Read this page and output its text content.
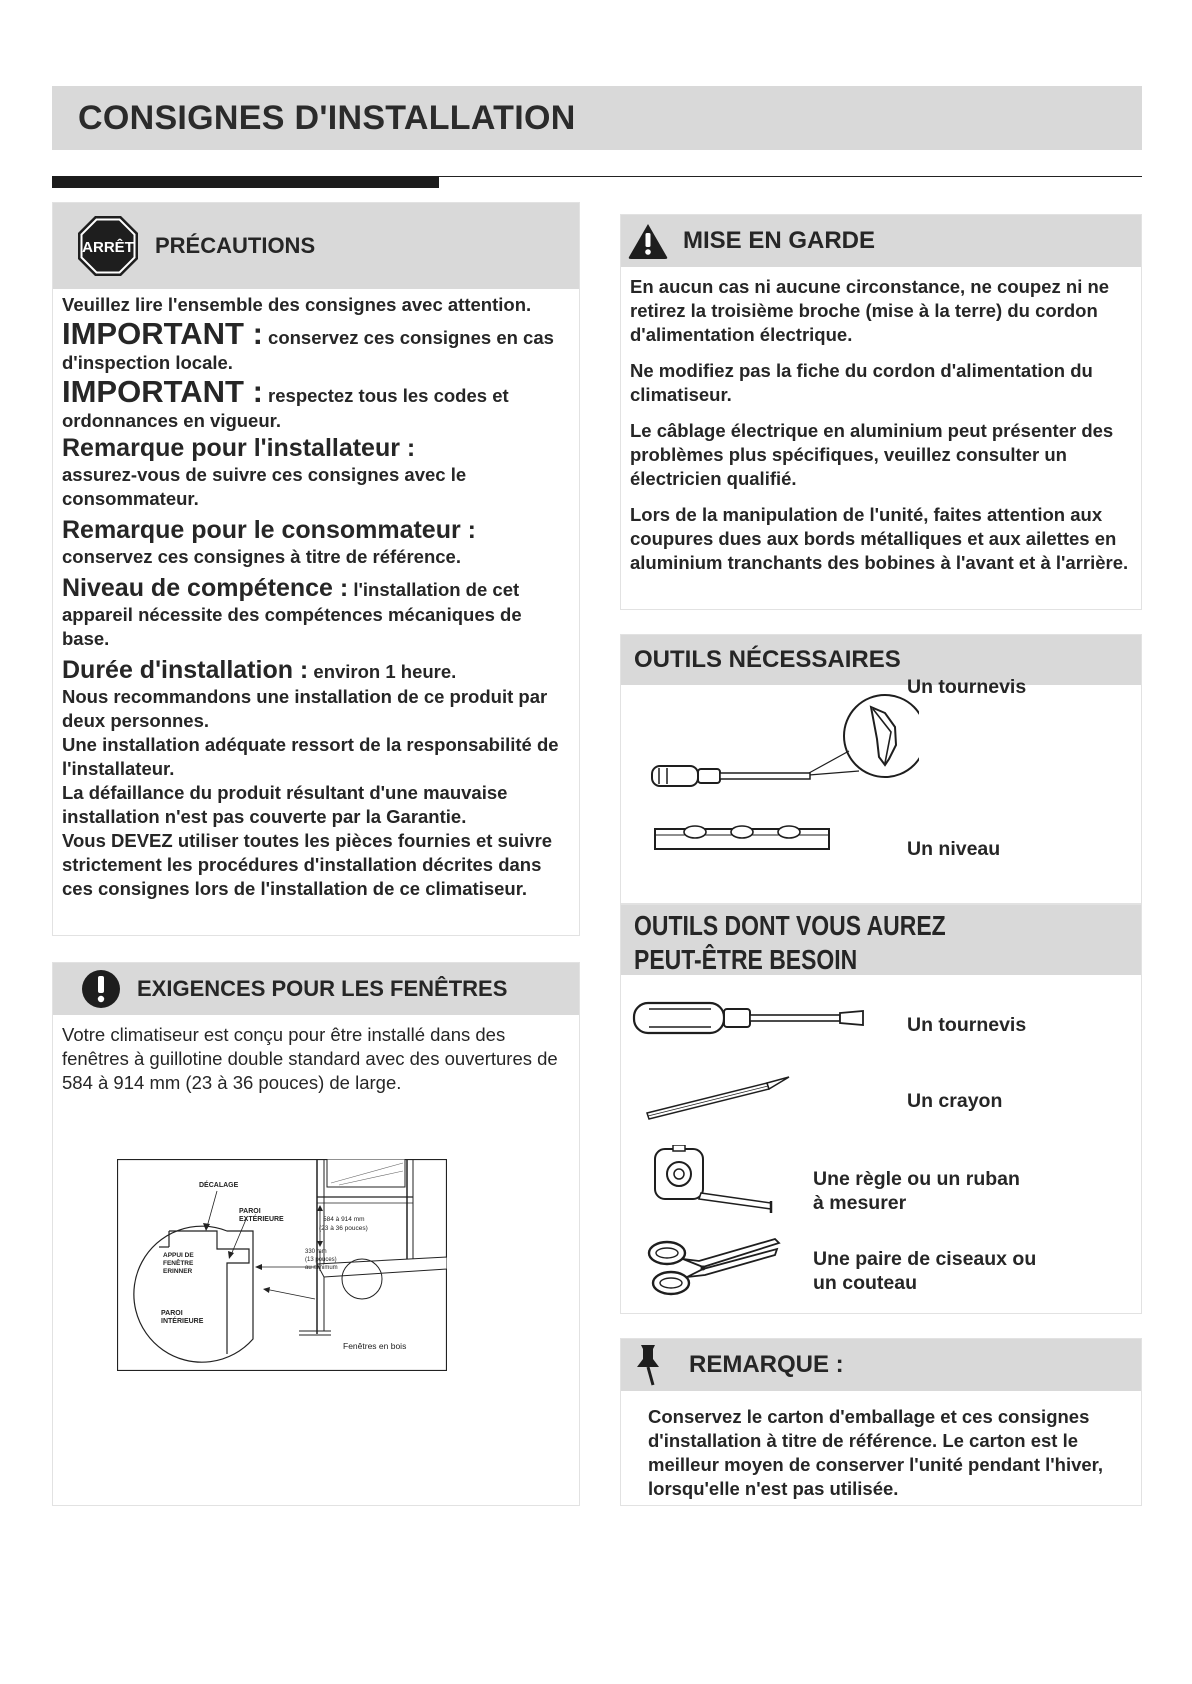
CONSIGNES D'INSTALLATION
ARRÊT PRÉCAUTIONS

Veuillez lire l'ensemble des consignes avec attention.

IMPORTANT : conservez ces consignes en cas d'inspection locale.

IMPORTANT : respectez tous les codes et ordonnances en vigueur.

Remarque pour l'installateur :
assurez-vous de suivre ces consignes avec le consommateur.

Remarque pour le consommateur :
conservez ces consignes à titre de référence.

Niveau de compétence : l'installation de cet appareil nécessite des compétences mécaniques de base.

Durée d'installation : environ 1 heure.

Nous recommandons une installation de ce produit par deux personnes.

Une installation adéquate ressort de la responsabilité de l'installateur.

La défaillance du produit résultant d'une mauvaise installation n'est pas couverte par la Garantie.

Vous DEVEZ utiliser toutes les pièces fournies et suivre strictement les procédures d'installation décrites dans ces consignes lors de l'installation de ce climatiseur.

EXIGENCES POUR LES FENÊTRES
Votre climatiseur est conçu pour être installé dans des fenêtres à guillotine double standard avec des ouvertures de 584 à 914 mm (23 à 36 pouces) de large.
DÉCALAGE
PAROI
EXTÉRIEURE	584 à 914 mm
(23 à 36 pouces)
330 mm
(13 pouces)
au minimum
APPUI DE
FENÊTRE
ERINNER
PAROI
INTÉRIEURE
Fenêtres en bois
MISE EN GARDE

En aucun cas ni aucune circonstance, ne coupez ni ne retirez la troisième broche (mise à la terre) du cordon d'alimentation électrique.

Ne modifiez pas la fiche du cordon d'alimentation du climatiseur.

Le câblage électrique en aluminium peut présenter des problèmes plus spécifiques, veuillez consulter un électricien qualifié.

Lors de la manipulation de l'unité, faites attention aux coupures dues aux bords métalliques et aux ailettes en aluminium tranchants des bobines à l'avant et à l'arrière.

OUTILS NÉCESSAIRES
Un tournevis
Un niveau
OUTILS DONT VOUS AUREZ
PEUT-ÊTRE BESOIN
Un tournevis
Un crayon
Une règle ou un ruban
à mesurer
Une paire de ciseaux ou
un couteau
REMARQUE :
Conservez le carton d'emballage et ces consignes d'installation à titre de référence. Le carton est le meilleur moyen de conserver l'unité pendant l'hiver, lorsqu'elle n'est pas utilisée.
